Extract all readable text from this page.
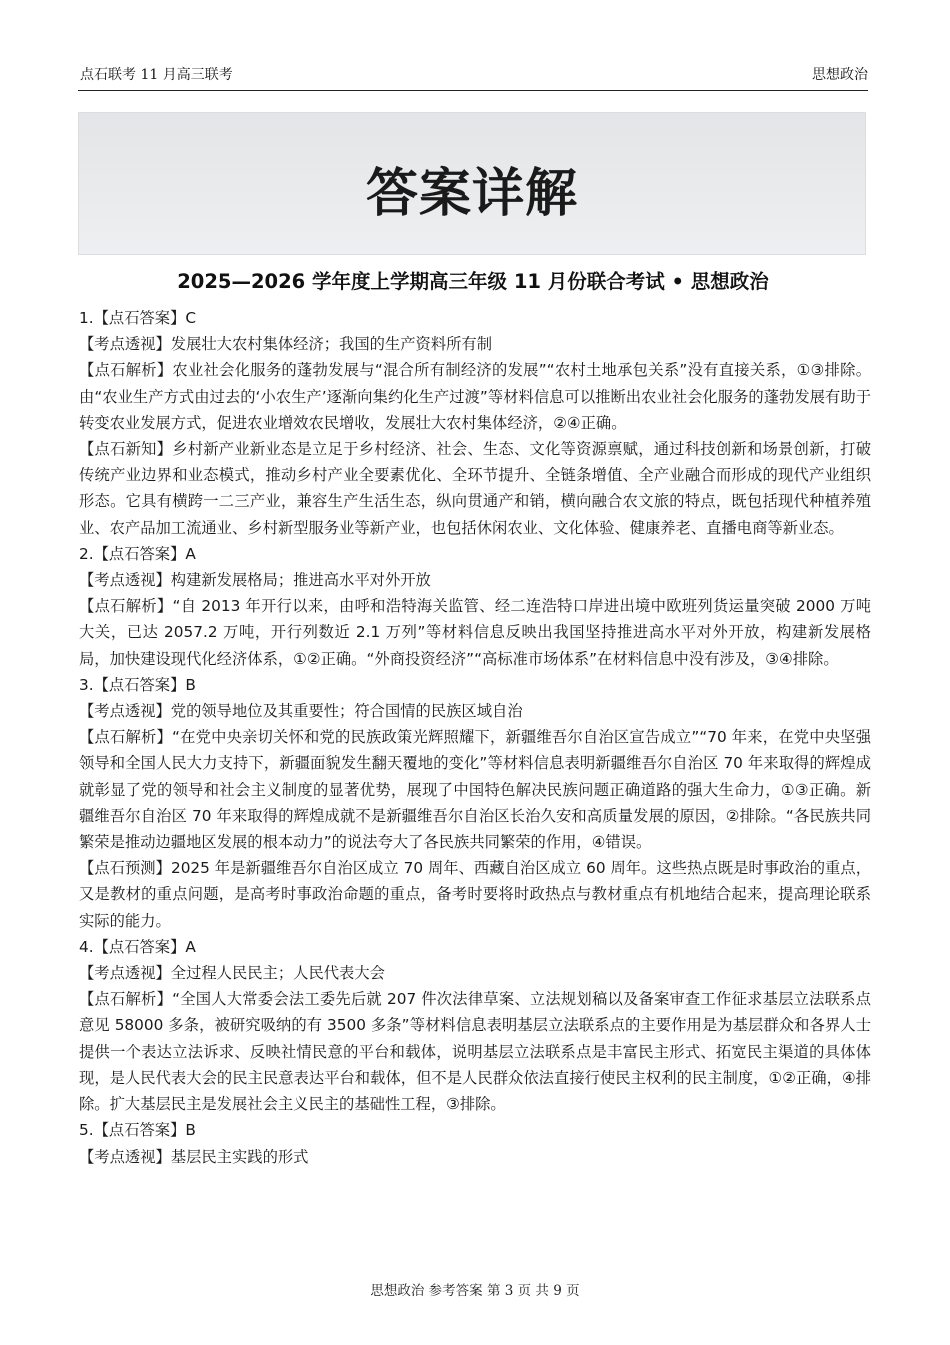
点石联考 11 月高三联考	思想政治
答案详解
2025—2026 学年度上学期高三年级 11 月份联合考试 • 思想政治

1.【点石答案】C

【考点透视】发展壮大农村集体经济；我国的生产资料所有制

【点石解析】农业社会化服务的蓬勃发展与“混合所有制经济的发展”“农村土地承包关系”没有直接关系，①③排除。由“农业生产方式由过去的‘小农生产’逐渐向集约化生产过渡”等材料信息可以推断出农业社会化服务的蓬勃发展有助于转变农业发展方式，促进农业增效农民增收，发展壮大农村集体经济，②④正确。

【点石新知】乡村新产业新业态是立足于乡村经济、社会、生态、文化等资源禀赋，通过科技创新和场景创新，打破传统产业边界和业态模式，推动乡村产业全要素优化、全环节提升、全链条增值、全产业融合而形成的现代产业组织形态。它具有横跨一二三产业，兼容生产生活生态，纵向贯通产和销，横向融合农文旅的特点，既包括现代种植养殖业、农产品加工流通业、乡村新型服务业等新产业，也包括休闲农业、文化体验、健康养老、直播电商等新业态。

2.【点石答案】A

【考点透视】构建新发展格局；推进高水平对外开放

【点石解析】“自 2013 年开行以来，由呼和浩特海关监管、经二连浩特口岸进出境中欧班列货运量突破 2000 万吨大关，已达 2057.2 万吨，开行列数近 2.1 万列”等材料信息反映出我国坚持推进高水平对外开放，构建新发展格局，加快建设现代化经济体系，①②正确。“外商投资经济”“高标准市场体系”在材料信息中没有涉及，③④排除。

3.【点石答案】B

【考点透视】党的领导地位及其重要性；符合国情的民族区域自治

【点石解析】“在党中央亲切关怀和党的民族政策光辉照耀下，新疆维吾尔自治区宣告成立”“70 年来，在党中央坚强领导和全国人民大力支持下，新疆面貌发生翻天覆地的变化”等材料信息表明新疆维吾尔自治区 70 年来取得的辉煌成就彰显了党的领导和社会主义制度的显著优势，展现了中国特色解决民族问题正确道路的强大生命力，①③正确。新疆维吾尔自治区 70 年来取得的辉煌成就不是新疆维吾尔自治区长治久安和高质量发展的原因，②排除。“各民族共同繁荣是推动边疆地区发展的根本动力”的说法夸大了各民族共同繁荣的作用，④错误。

【点石预测】2025 年是新疆维吾尔自治区成立 70 周年、西藏自治区成立 60 周年。这些热点既是时事政治的重点，又是教材的重点问题，是高考时事政治命题的重点，备考时要将时政热点与教材重点有机地结合起来，提高理论联系实际的能力。

4.【点石答案】A

【考点透视】全过程人民民主；人民代表大会

【点石解析】“全国人大常委会法工委先后就 207 件次法律草案、立法规划稿以及备案审查工作征求基层立法联系点意见 58000 多条，被研究吸纳的有 3500 多条”等材料信息表明基层立法联系点的主要作用是为基层群众和各界人士提供一个表达立法诉求、反映社情民意的平台和载体，说明基层立法联系点是丰富民主形式、拓宽民主渠道的具体体现，是人民代表大会的民主民意表达平台和载体，但不是人民群众依法直接行使民主权利的民主制度，①②正确，④排除。扩大基层民主是发展社会主义民主的基础性工程，③排除。

5.【点石答案】B

【考点透视】基层民主实践的形式

思想政治 参考答案 第 3 页 共 9 页
